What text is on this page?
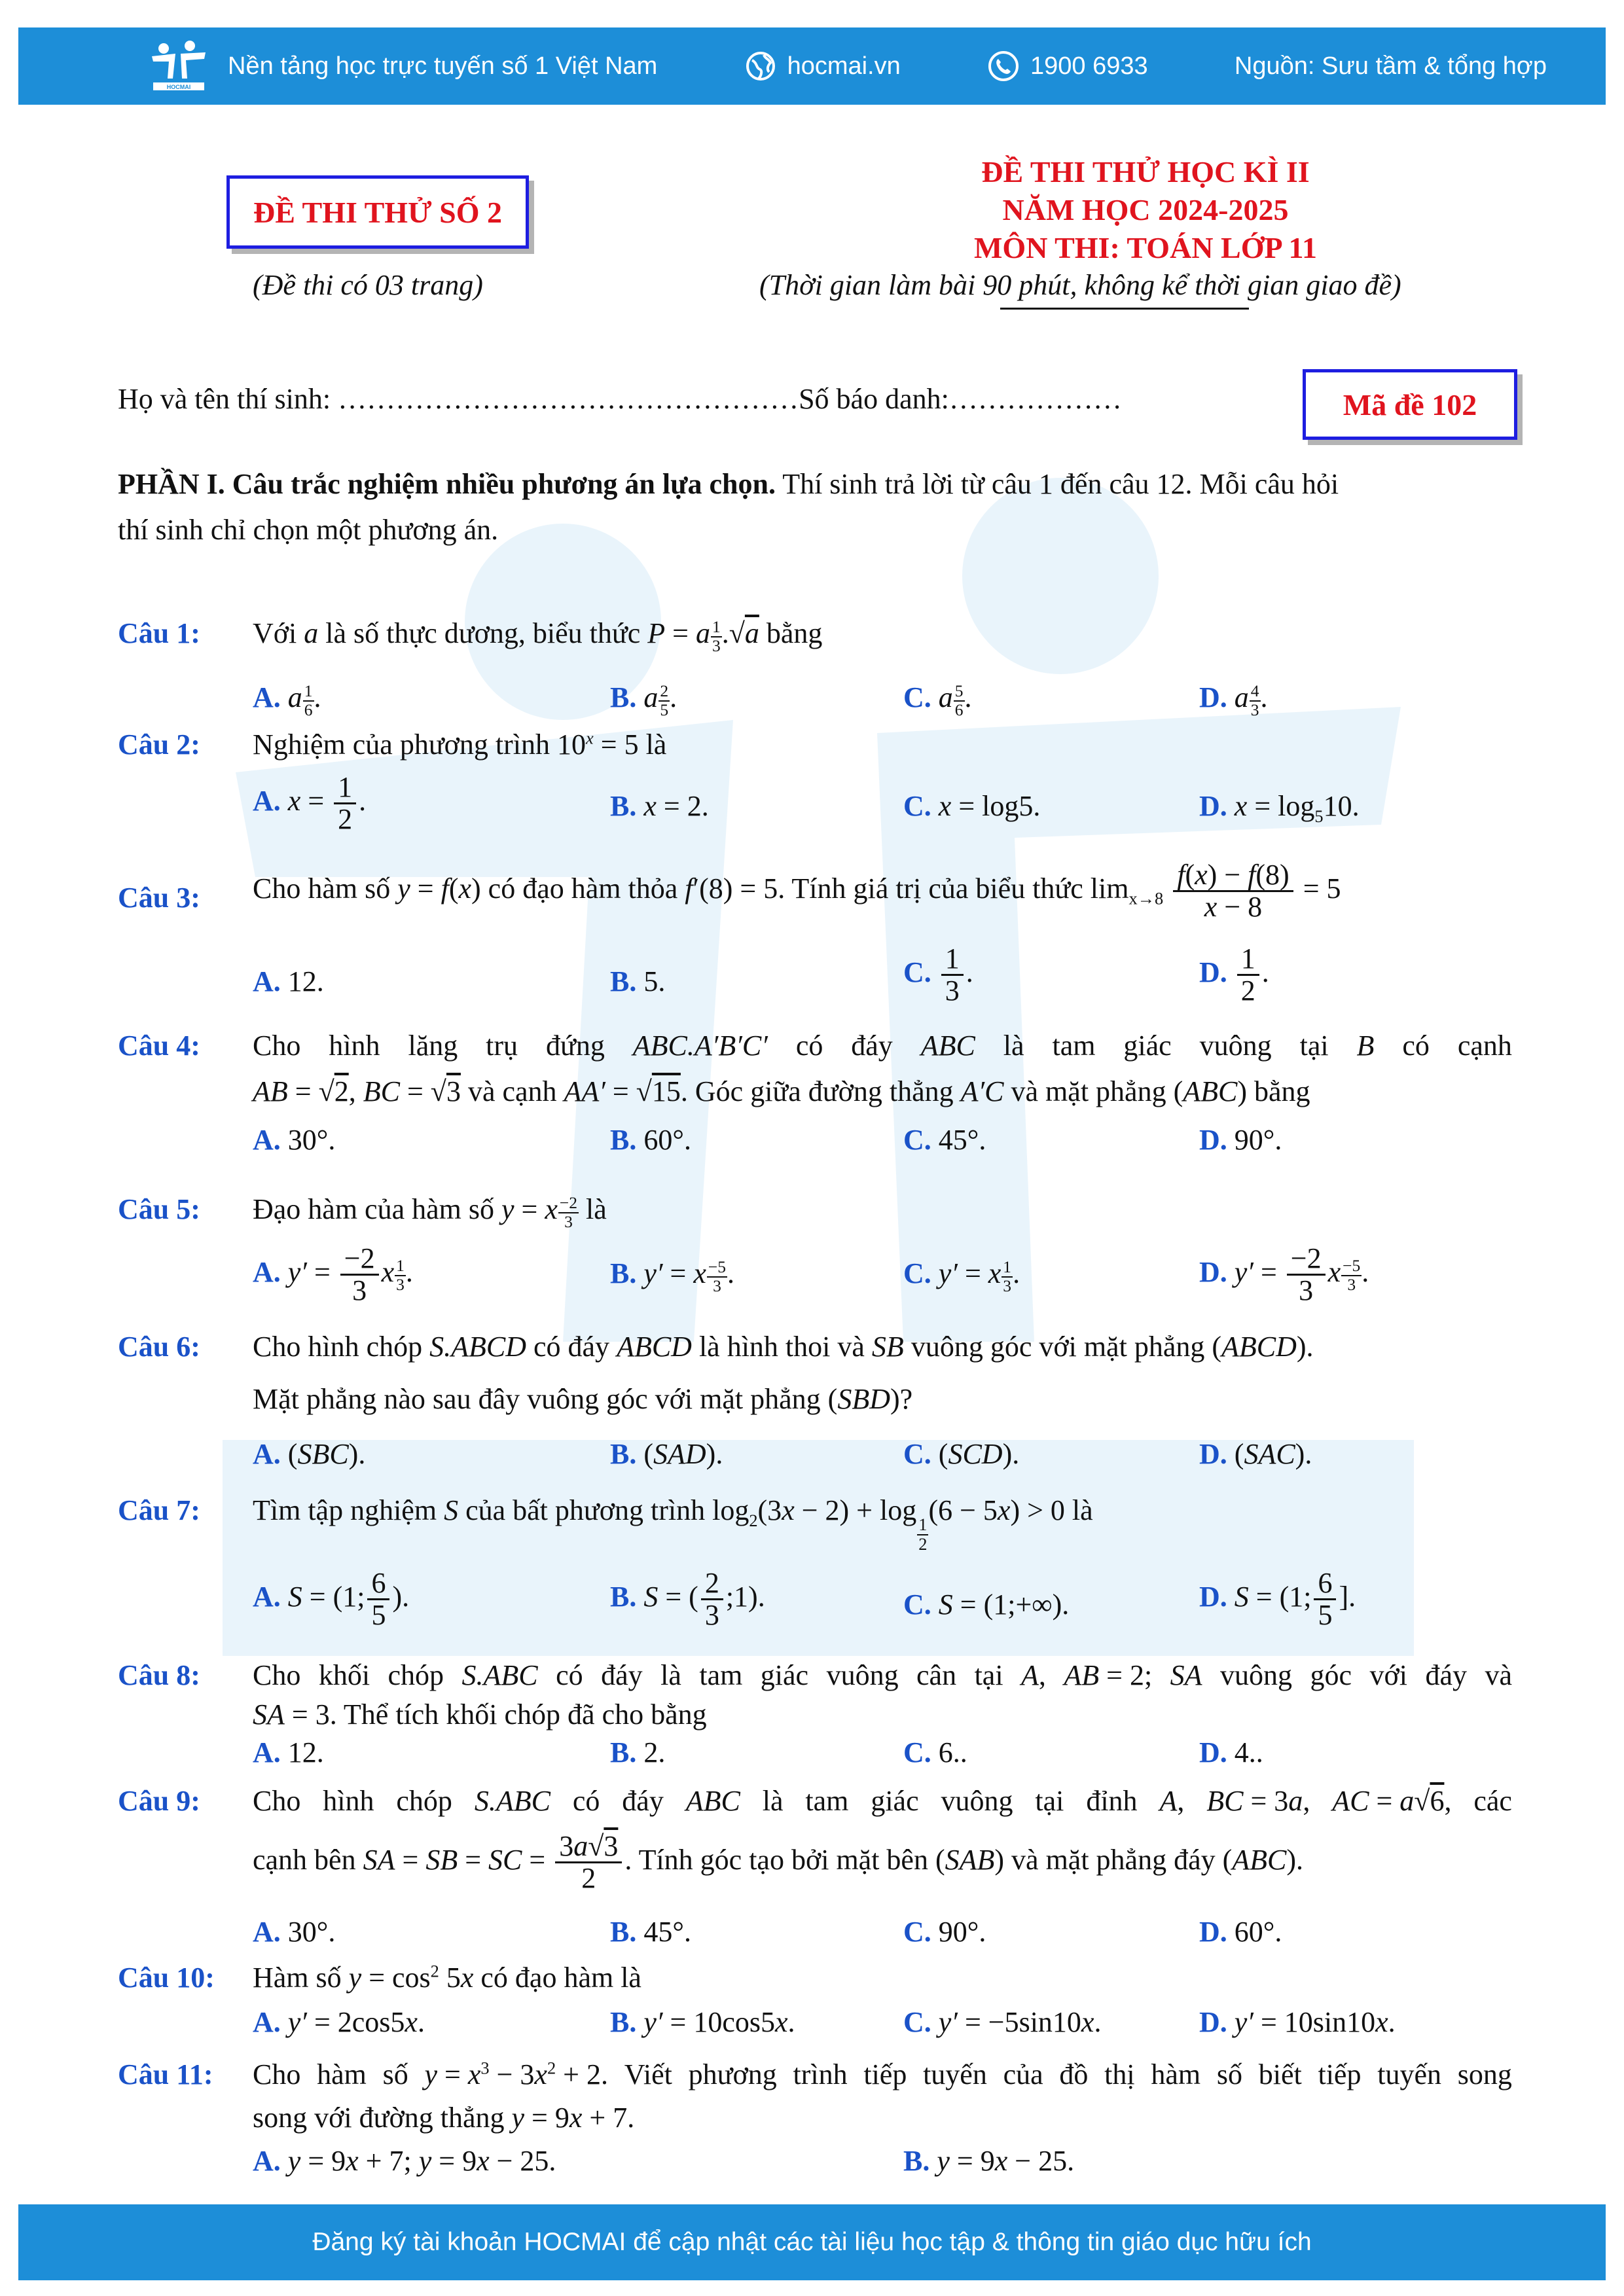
HOCMAI
Nền tảng học trực tuyến số 1 Việt Nam	hocmai.vn	1900 6933	Nguồn: Sưu tầm & tổng hợp
ĐỀ THI THỬ SỐ 2
(Đề thi có 03 trang)
ĐỀ THI THỬ HỌC KÌ II
NĂM HỌC 2024-2025
MÔN THI: TOÁN LỚP 11
(Thời gian làm bài 90 phút, không kể thời gian giao đề)
Họ và tên thí sinh: …………………………………………Số báo danh:………………	Mã đề 102
PHẦN I. Câu trắc nghiệm nhiều phương án lựa chọn. Thí sinh trả lời từ câu 1 đến câu 12. Mỗi câu hỏi
thí sinh chỉ chọn một phương án.
Câu 1: Với a là số thực dương, biểu thức P = a $\frac{1}{3} .√a$ bằng
A. a $\frac{1}{6}$ .	B. a $\frac{2}{5}$ .	C. a $\frac{5}{6}$ .	D. a $\frac{4}{3}$ .
Câu 2: Nghiệm của phương trình $10^x = 5$ là
A. $x = \frac{1}{2}$ .	B. x = 2.	C. x = log5.	D. $x = \log_510$.
Câu 3: Cho hàm số y = f(x) có đạo hàm thỏa f′(8) = 5. Tính giá trị của biểu thức $\lim_{x\to 8} \frac{f(x) - f(8)}{x - 8} = 5$
A. 12.	B. 5.	C. $\frac{1}{3}$ .	D. $\frac{1}{2}$ .
Câu 4: Cho hình lăng trụ đứng ABC.A′B′C′ có đáy ABC là tam giác vuông tại B có cạnh
AB = √2, BC = √3 và cạnh AA′ = √15. Góc giữa đường thẳng A′C và mặt phẳng (ABC) bằng
A. 30°.	B. 60°.	C. 45°.	D. 90°.
Câu 5: Đạo hàm của hàm số y = x $\frac{-2}{3}$ là
A. $y' = \frac{-2}{3}$ x $\frac{1}{3}$ .	B. y′ = x $\frac{-5}{3}$ .	C. y′ = x $\frac{1}{3}$ .	D. $y' = \frac{-2}{3}$ x $\frac{-5}{3}$ .
Câu 6: Cho hình chóp S.ABCD có đáy ABCD là hình thoi và SB vuông góc với mặt phẳng (ABCD).
Mặt phẳng nào sau đây vuông góc với mặt phẳng (SBD)?
A. (SBC).	B. (SAD).	C. (SCD).	D. (SAC).
Câu 7: Tìm tập nghiệm S của bất phương trình $\log_2(3x - 2) + \log$
$_{\frac{1}{2}}$
(6 − 5x) > 0 là
A. S = (1; $\frac{6}{5}$ ).	B. S = ( $\frac{2}{3}$ ;1).	C. S = (1;+∞).	D. S = (1; $\frac{6}{5}$ ].
Câu 8: Cho khối chóp S.ABC có đáy là tam giác vuông cân tại A, AB = 2; SA vuông góc với đáy và
SA = 3. Thể tích khối chóp đã cho bằng
A. 12.	B. 2.	C. 6..	D. 4..
Câu 9: Cho hình chóp S.ABC có đáy ABC là tam giác vuông tại đỉnh A, BC = 3a, AC = a√6, các
cạnh bên SA = SB = SC = $\frac{3a√3}{2}$ . Tính góc tạo bởi mặt bên (SAB) và mặt phẳng đáy (ABC).
A. 30°.	B. 45°.	C. 90°.	D. 60°.
Câu 10: Hàm số $y = \cos^2 5x$ có đạo hàm là
A. y′ = 2cos5x.	B. y′ = 10cos5x.	C. y′ = −5sin10x.	D. y′ = 10sin10x.
Câu 11: Cho hàm số $y = x^3 - 3x^2 + 2$. Viết phương trình tiếp tuyến của đồ thị hàm số biết tiếp tuyến song
song với đường thẳng y = 9x + 7.
A. y = 9x + 7; y = 9x − 25.	B. y = 9x − 25.
Đăng ký tài khoản HOCMAI để cập nhật các tài liệu học tập & thông tin giáo dục hữu ích
